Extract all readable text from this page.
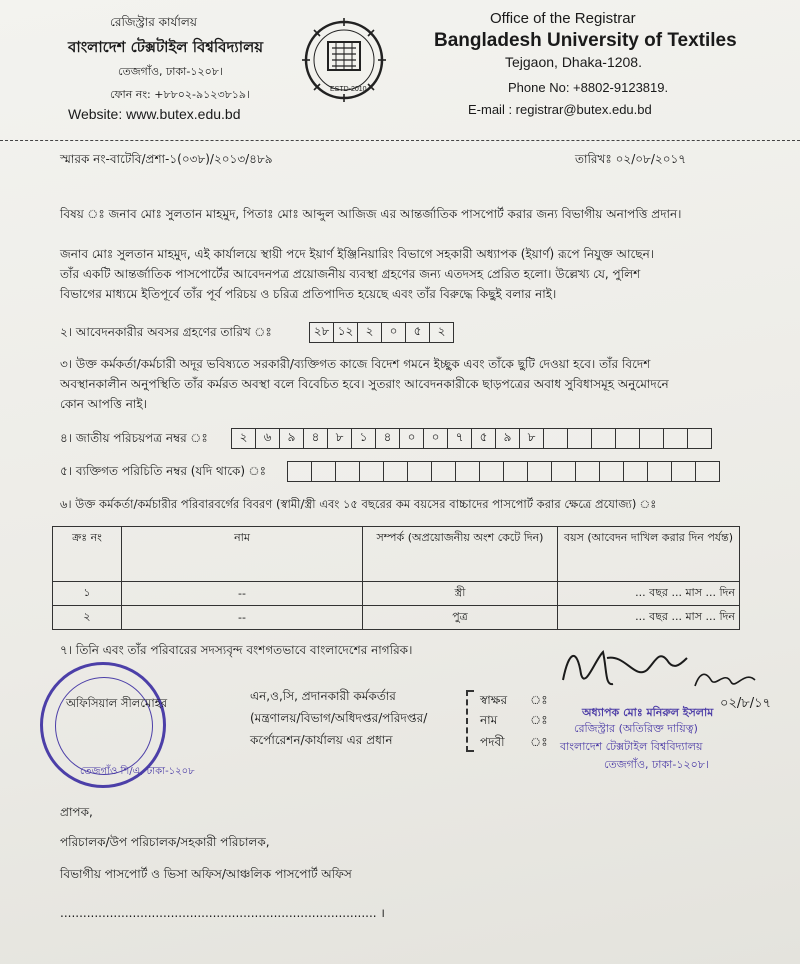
রেজিস্ট্রার কার্যালয়
বাংলাদেশ টেক্সটাইল বিশ্ববিদ্যালয়
তেজগাঁও, ঢাকা-১২০৮।
ফোন নং: +৮৮০২-৯১২৩৮১৯।
Website: www.butex.edu.bd
ESTD-2010
Office of the Registrar
Bangladesh University of Textiles
Tejgaon, Dhaka-1208.
Phone No: +8802-9123819.
E-mail : registrar@butex.edu.bd
স্মারক নং-বাটেবি/প্রশা-১(০৩৮)/২০১৩/৪৮৯	তারিখঃ ০২/০৮/২০১৭
বিষয় ঃ জনাব মোঃ সুলতান মাহমুদ, পিতাঃ মোঃ আব্দুল আজিজ এর আন্তর্জাতিক পাসপোর্ট করার জন্য বিভাগীয় অনাপত্তি প্রদান।
জনাব মোঃ সুলতান মাহমুদ, এই কার্যালয়ে স্থায়ী পদে ইয়ার্ণ ইঞ্জিনিয়ারিং বিভাগে সহকারী অধ্যাপক (ইয়ার্ণ) রূপে নিযুক্ত আছেন।
তাঁর একটি আন্তর্জাতিক পাসপোর্টের আবেদনপত্র প্রয়োজনীয় ব্যবস্থা গ্রহণের জন্য এতদসহ প্রেরিত হলো। উল্লেখ্য যে, পুলিশ
বিভাগের মাধ্যমে ইতিপূর্বে তাঁর পূর্ব পরিচয় ও চরিত্র প্রতিপাদিত হয়েছে এবং তাঁর বিরুদ্ধে কিছুই বলার নাই।
২। আবেদনকারীর অবসর গ্রহণের তারিখ ঃ	২৮ ১২	২	০	৫	২
৩। উক্ত কর্মকর্তা/কর্মচারী অদূর ভবিষ্যতে সরকারী/ব্যক্তিগত কাজে বিদেশ গমনে ইচ্ছুক এবং তাঁকে ছুটি দেওয়া হবে। তাঁর বিদেশ
অবস্থানকালীন অনুপস্থিতি তাঁর কর্মরত অবস্থা বলে বিবেচিত হবে। সুতরাং আবেদনকারীকে ছাড়পত্রের অবাধ সুবিধাসমূহ অনুমোদনে
কোন আপত্তি নাই।
৪। জাতীয় পরিচয়পত্র নম্বর ঃ	২	৬	৯	৪	৮	১	৪	০	০	৭	৫	৯	৮
৫। ব্যক্তিগত পরিচিতি নম্বর (যদি থাকে) ঃ
৬। উক্ত কর্মকর্তা/কর্মচারীর পরিবারবর্গের বিবরণ (স্বামী/স্ত্রী এবং ১৫ বছরের কম বয়সের বাচ্চাদের পাসপোর্ট করার ক্ষেত্রে প্রযোজ্য) ঃ
ক্রঃ নং	নাম	সম্পর্ক (অপ্রয়োজনীয় অংশ কেটে দিন)	বয়স (আবেদন দাখিল করার দিন পর্যন্ত)
১	--	স্ত্রী	... বছর ... মাস ... দিন
২	--	পুত্র	... বছর ... মাস ... দিন
৭। তিনি এবং তাঁর পরিবারের সদস্যবৃন্দ বংশগতভাবে বাংলাদেশের নাগরিক।
অফিসিয়াল সীলমোহর
তেজগাঁও শি/এ, ঢাকা-১২০৮
এন,ও,সি, প্রদানকারী কর্মকর্তার
(মন্ত্রণালয়/বিভাগ/অধিদপ্তর/পরিদপ্তর/
কর্পোরেশন/কার্যালয় এর প্রধান
স্বাক্ষর ঃ
নাম	ঃ
পদবী ঃ
০২/৮/১৭
অধ্যাপক মোঃ মনিরুল ইসলাম
রেজিস্ট্রার (অতিরিক্ত দায়িত্ব)
বাংলাদেশ টেক্সটাইল বিশ্ববিদ্যালয়
তেজগাঁও, ঢাকা-১২০৮।
প্রাপক,
পরিচালক/উপ পরিচালক/সহকারী পরিচালক,
বিভাগীয় পাসপোর্ট ও ভিসা অফিস/আঞ্চলিক পাসপোর্ট অফিস
................................................................................... ।
